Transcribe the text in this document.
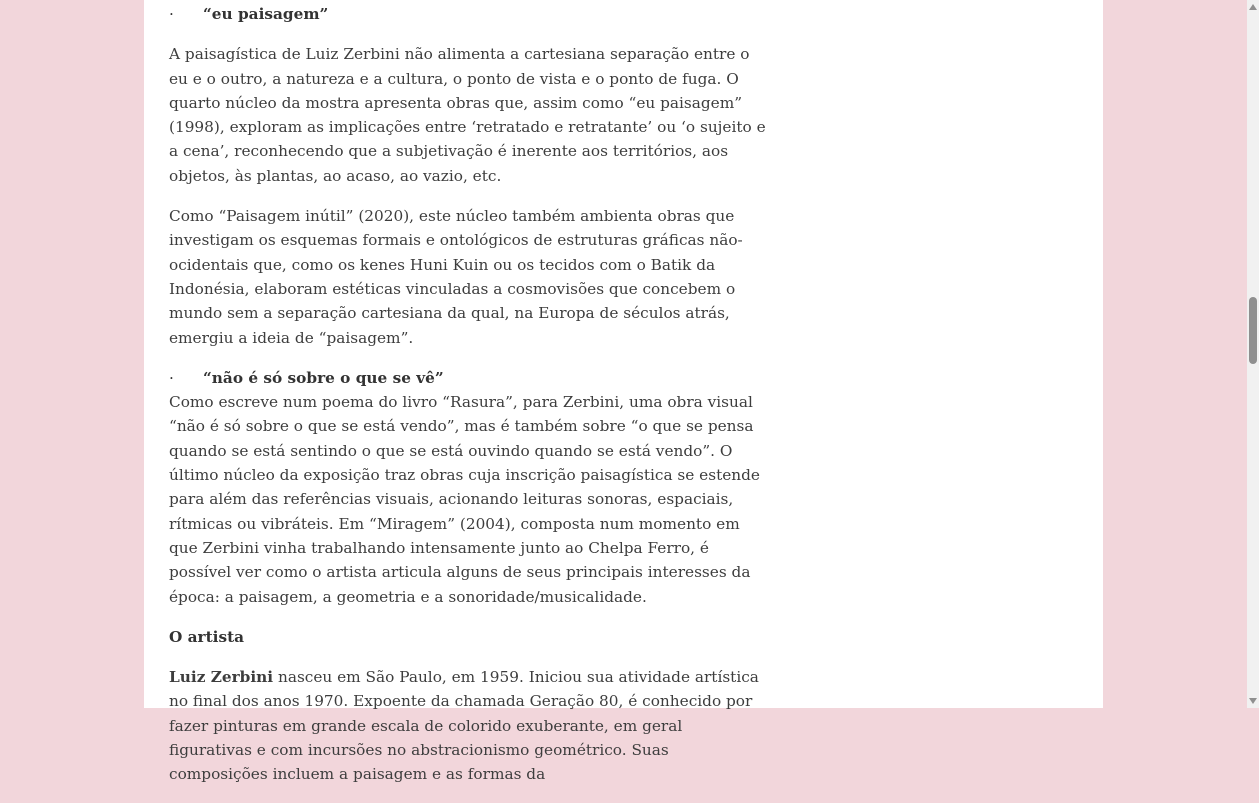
· “eu paisagem”

A paisagística de Luiz Zerbini não alimenta a cartesiana separação entre o eu e o outro, a natureza e a cultura, o ponto de vista e o ponto de fuga. O quarto núcleo da mostra apresenta obras que, assim como “eu paisagem” (1998), exploram as implicações entre ‘retratado e retratante’ ou ‘o sujeito e a cena’, reconhecendo que a subjetivação é inerente aos territórios, aos objetos, às plantas, ao acaso, ao vazio, etc.

Como “Paisagem inútil” (2020), este núcleo também ambienta obras que investigam os esquemas formais e ontológicos de estruturas gráficas não-ocidentais que, como os kenes Huni Kuin ou os tecidos com o Batik da Indonésia, elaboram estéticas vinculadas a cosmovisões que concebem o mundo sem a separação cartesiana da qual, na Europa de séculos atrás, emergiu a ideia de “paisagem”.

· “não é só sobre o que se vê”

Como escreve num poema do livro “Rasura”, para Zerbini, uma obra visual “não é só sobre o que se está vendo”, mas é também sobre “o que se pensa quando se está sentindo o que se está ouvindo quando se está vendo”. O último núcleo da exposição traz obras cuja inscrição paisagística se estende para além das referências visuais, acionando leituras sonoras, espaciais, rítmicas ou vibráteis. Em “Miragem” (2004), composta num momento em que Zerbini vinha trabalhando intensamente junto ao Chelpa Ferro, é possível ver como o artista articula alguns de seus principais interesses da época: a paisagem, a geometria e a sonoridade/musicalidade.

O artista

Luiz Zerbini nasceu em São Paulo, em 1959. Iniciou sua atividade artística no final dos anos 1970. Expoente da chamada Geração 80, é conhecido por fazer pinturas em grande escala de colorido exuberante, em geral figurativas e com incursões no abstracionismo geométrico. Suas composições incluem a paisagem e as formas da
